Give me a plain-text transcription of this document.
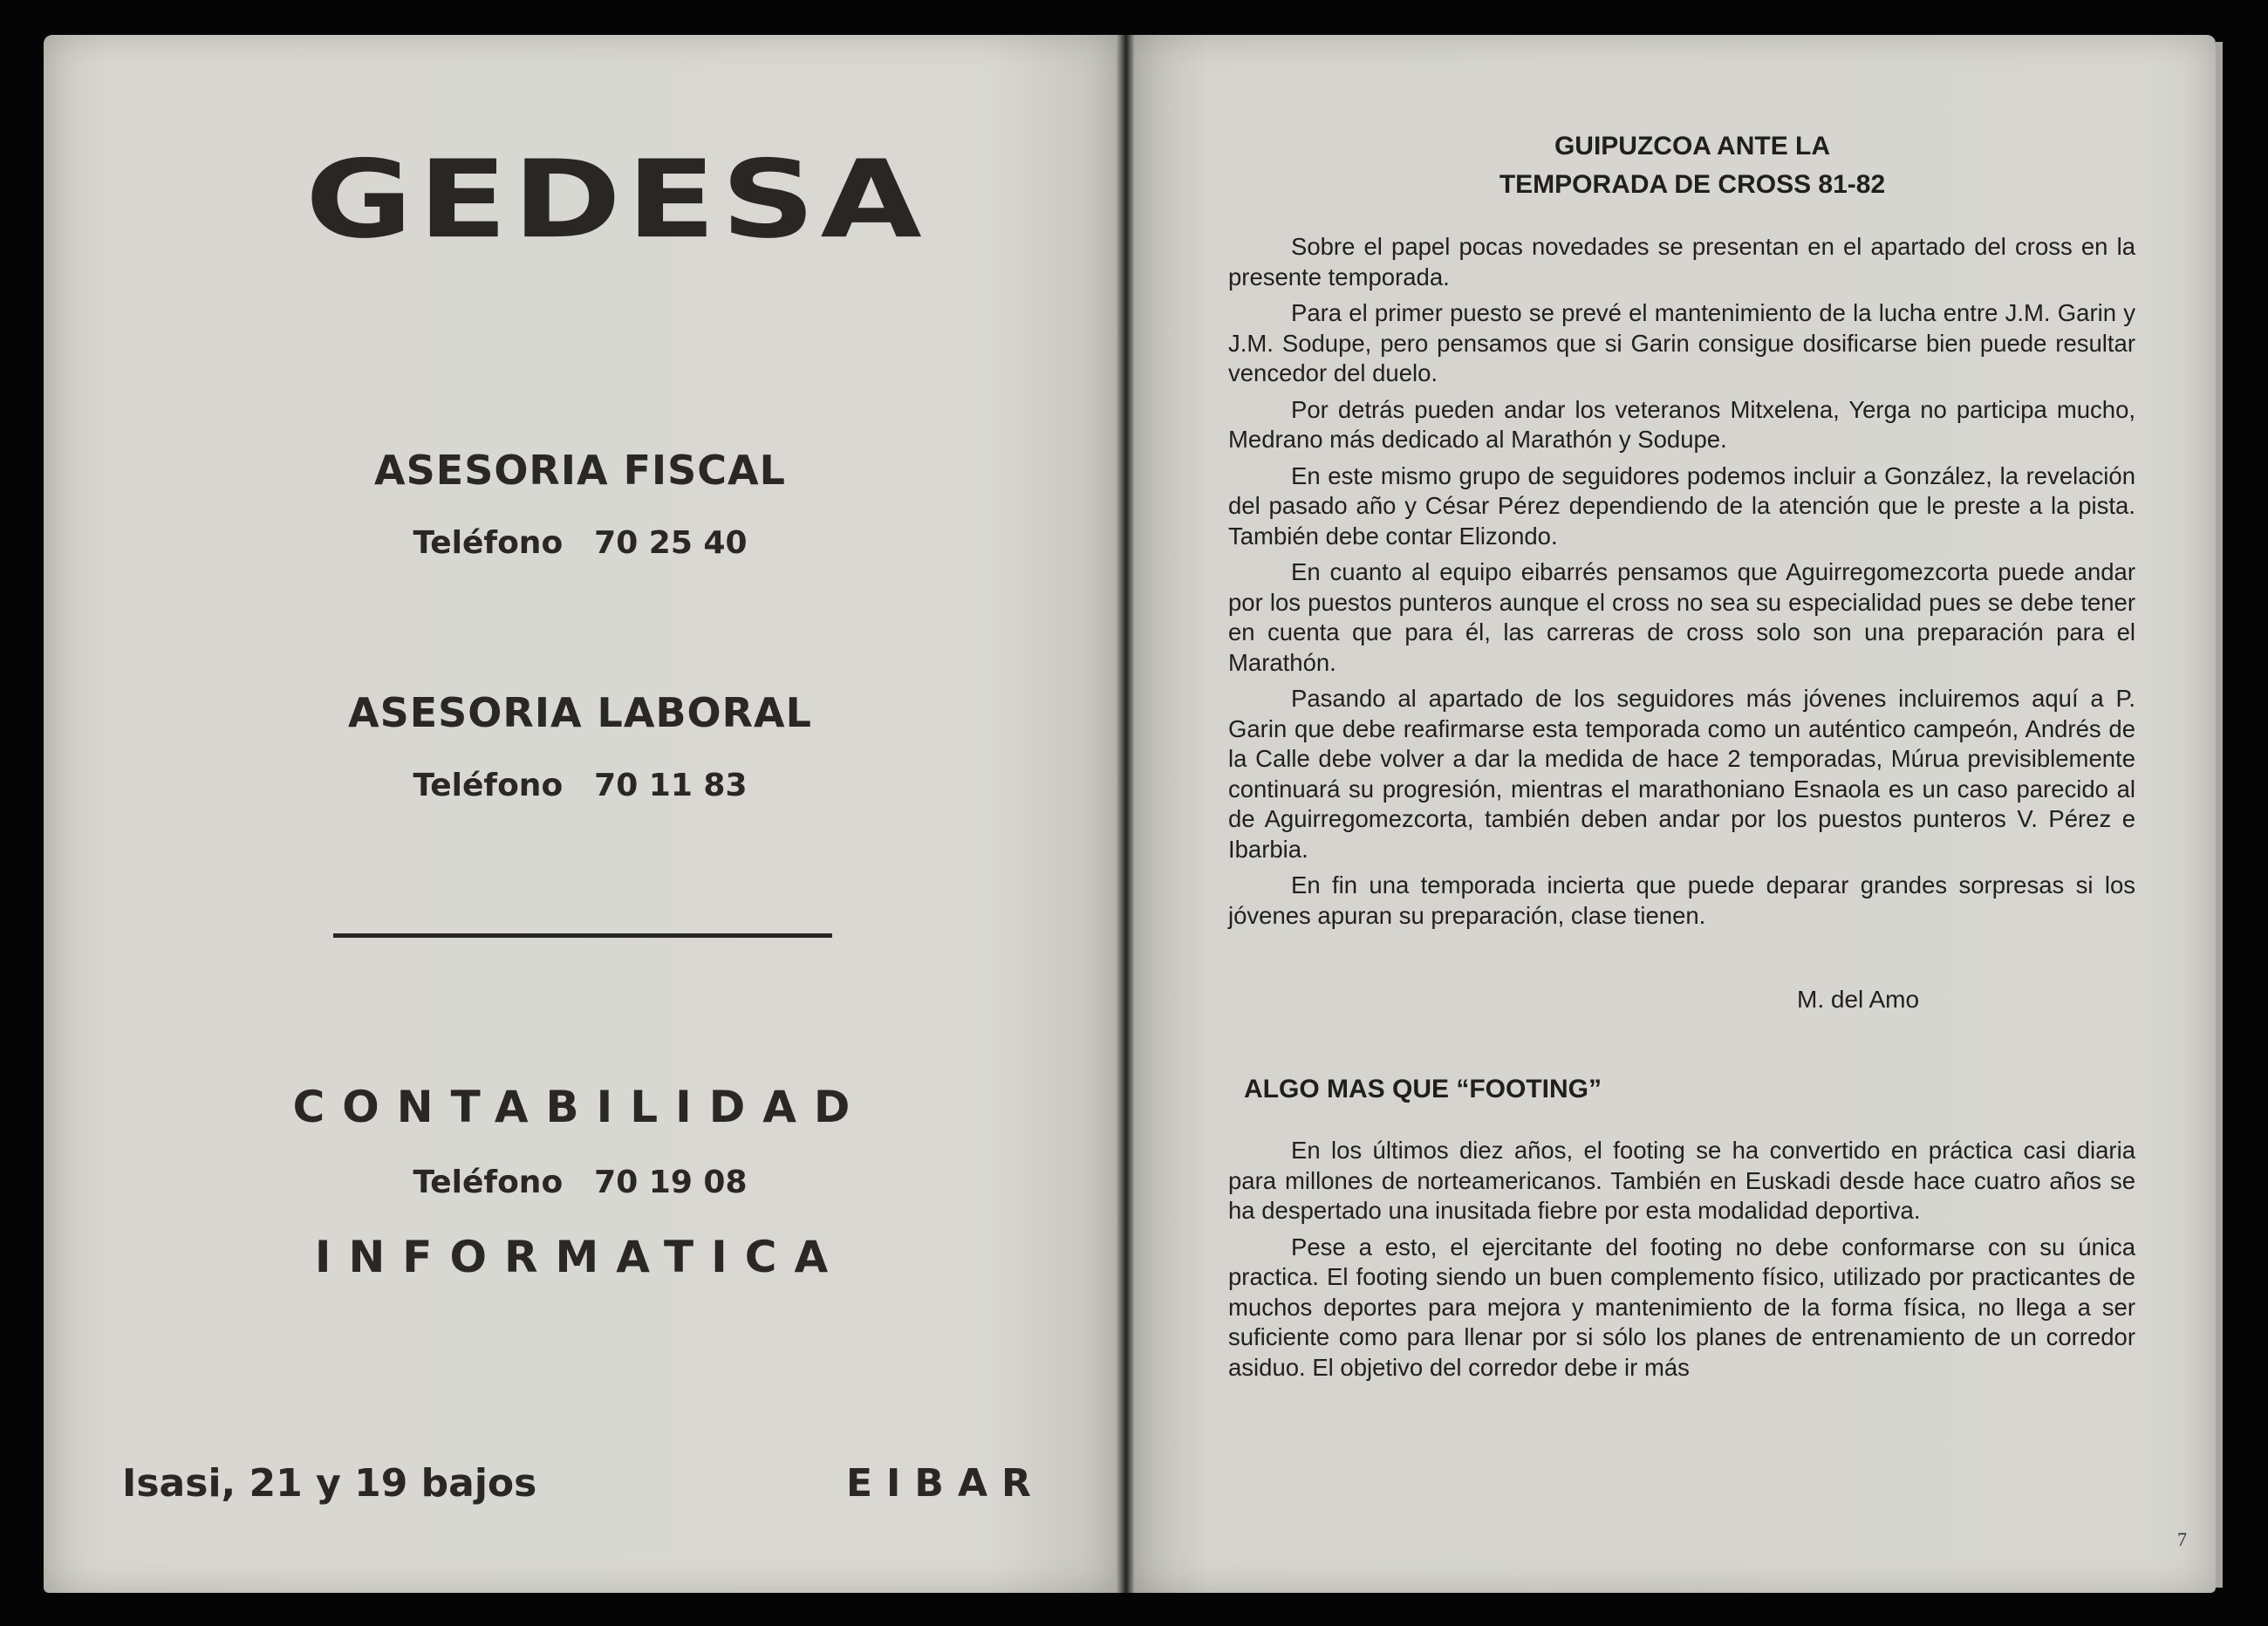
GEDESA
ASESORIA FISCAL
Teléfono 70 25 40
ASESORIA LABORAL
Teléfono 70 11 83
CONTABILIDAD
Teléfono 70 19 08
INFORMATICA
Isasi, 21 y 19 bajos	EIBAR
GUIPUZCOA ANTE LA
TEMPORADA DE CROSS 81-82

Sobre el papel pocas novedades se presentan en el apartado del cross en la presente temporada.

Para el primer puesto se prevé el mantenimiento de la lucha entre J.M. Garin y J.M. Sodupe, pero pensamos que si Garin consigue dosificarse bien puede resultar vencedor del duelo.

Por detrás pueden andar los veteranos Mitxelena, Yerga no participa mucho, Medrano más dedicado al Marathón y Sodupe.

En este mismo grupo de seguidores podemos incluir a González, la revelación del pasado año y César Pérez dependiendo de la atención que le preste a la pista. También debe contar Elizondo.

En cuanto al equipo eibarrés pensamos que Aguirregomezcorta puede andar por los puestos punteros aunque el cross no sea su especialidad pues se debe tener en cuenta que para él, las carreras de cross solo son una preparación para el Marathón.

Pasando al apartado de los seguidores más jóvenes incluiremos aquí a P. Garin que debe reafirmarse esta temporada como un auténtico campeón, Andrés de la Calle debe volver a dar la medida de hace 2 temporadas, Múrua previsiblemente continuará su progresión, mientras el marathoniano Esnaola es un caso parecido al de Aguirregomezcorta, también deben andar por los puestos punteros V. Pérez e Ibarbia.

En fin una temporada incierta que puede deparar grandes sorpresas si los jóvenes apuran su preparación, clase tienen.

M. del Amo
ALGO MAS QUE “FOOTING”

En los últimos diez años, el footing se ha convertido en práctica casi diaria para millones de norteamericanos. También en Euskadi desde hace cuatro años se ha despertado una inusitada fiebre por esta modalidad deportiva.

Pese a esto, el ejercitante del footing no debe conformarse con su única practica. El footing siendo un buen complemento físico, utilizado por practicantes de muchos deportes para mejora y mantenimiento de la forma física, no llega a ser suficiente como para llenar por si sólo los planes de entrenamiento de un corredor asiduo. El objetivo del corredor debe ir más

7
